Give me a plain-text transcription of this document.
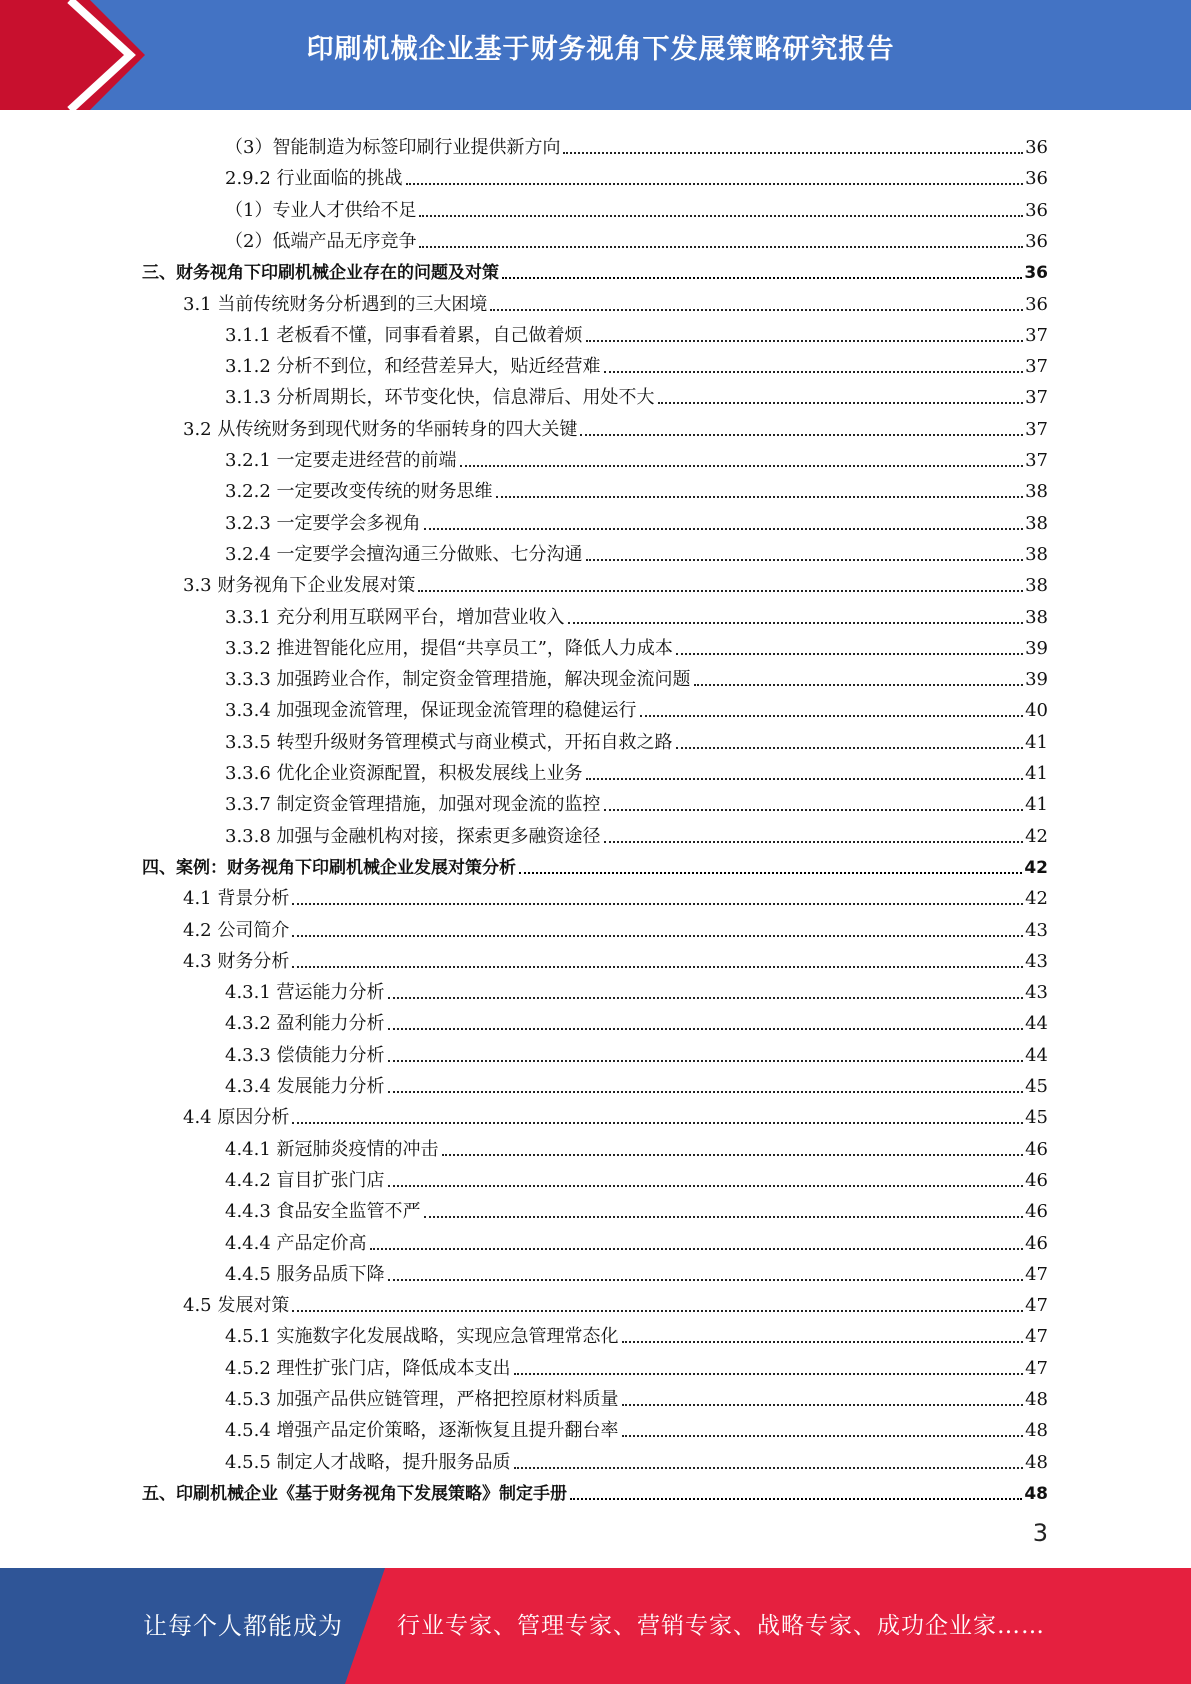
印刷机械企业基于财务视角下发展策略研究报告
（3）智能制造为标签印刷行业提供新方向	36
2.9.2 行业面临的挑战	36
（1）专业人才供给不足	36
（2）低端产品无序竞争	36
三、财务视角下印刷机械企业存在的问题及对策	36
3.1 当前传统财务分析遇到的三大困境	36
3.1.1 老板看不懂，同事看着累，自己做着烦	37
3.1.2 分析不到位，和经营差异大，贴近经营难	37
3.1.3 分析周期长，环节变化快，信息滞后、用处不大	37
3.2 从传统财务到现代财务的华丽转身的四大关键	37
3.2.1 一定要走进经营的前端	37
3.2.2 一定要改变传统的财务思维	38
3.2.3 一定要学会多视角	38
3.2.4 一定要学会擅沟通三分做账、七分沟通	38
3.3 财务视角下企业发展对策	38
3.3.1 充分利用互联网平台，增加营业收入	38
3.3.2 推进智能化应用，提倡“共享员工”，降低人力成本	39
3.3.3 加强跨业合作，制定资金管理措施，解决现金流问题	39
3.3.4 加强现金流管理，保证现金流管理的稳健运行	40
3.3.5 转型升级财务管理模式与商业模式，开拓自救之路	41
3.3.6 优化企业资源配置，积极发展线上业务	41
3.3.7 制定资金管理措施，加强对现金流的监控	41
3.3.8 加强与金融机构对接，探索更多融资途径	42
四、案例：财务视角下印刷机械企业发展对策分析	42
4.1 背景分析	42
4.2 公司简介	43
4.3 财务分析	43
4.3.1 营运能力分析	43
4.3.2 盈利能力分析	44
4.3.3 偿债能力分析	44
4.3.4 发展能力分析	45
4.4 原因分析	45
4.4.1 新冠肺炎疫情的冲击	46
4.4.2 盲目扩张门店	46
4.4.3 食品安全监管不严	46
4.4.4 产品定价高	46
4.4.5 服务品质下降	47
4.5 发展对策	47
4.5.1 实施数字化发展战略，实现应急管理常态化	47
4.5.2 理性扩张门店，降低成本支出	47
4.5.3 加强产品供应链管理，严格把控原材料质量	48
4.5.4 增强产品定价策略，逐渐恢复且提升翻台率	48
4.5.5 制定人才战略，提升服务品质	48
五、印刷机械企业《基于财务视角下发展策略》制定手册	48
3
让每个人都能成为 行业专家、管理专家、营销专家、战略专家、成功企业家……
